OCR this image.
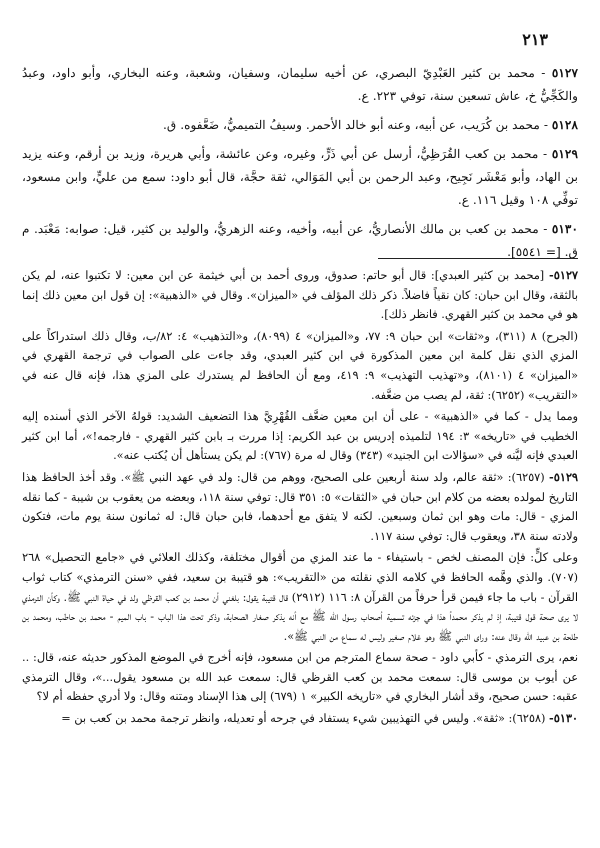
٢١٣

٥١٢٧ - محمد بن كثير العَبْدِيّ البصري، عن أخيه سليمان، وسفيان، وشعبة، وعنه البخاري، وأبو داود، وعبدُ والكَجِّيُّ خ، عاش تسعين سنة، توفي ٢٢٣. ع.

٥١٢٨ - محمد بن كُرَيب، عن أبيه، وعنه أبو خالد الأحمر. وسيفُ التميميُّ، ضَعَّفوه. ق.

٥١٢٩ - محمد بن كعب القُرَظِيُّ، أرسل عن أبي ذَرٍّ، وغيره، وعن عائشة، وأبي هريرة، وزيد بن أرقم، وعنه يزيد بن الهاد، وأبو مَعْشَر نَجِيح، وعبد الرحمن بن أبي المَوَالي، ثقة حجَّة، قال أبو داود: سمع من عليٍّ، وابن مسعود، توفِّي ١٠٨ وقيل ١١٦. ع.

٥١٣٠ - محمد بن كعب بن مالك الأنصاريُّ، عن أبيه، وأخيه، وعنه الزهريُّ، والوليد بن كثير، قيل: صوابه: مَعْبَد. م ق. [= ٥٥٤١].

٥١٢٧- [محمد بن كثير العبدي]: قال أبو حاتم: صدوق، وروى أحمد بن أبي خيثمة عن ابن معين: لا تكتبوا عنه، لم يكن بالثقة، وقال ابن حبان: كان نقياً فاضلاً. ذكر ذلك المؤلف في «الميزان». وقال في «الذهبية»: إن قول ابن معين ذلك إنما هو في محمد بن كثير القهري. فانظر ذلك].

(الجرح) ٨ (٣١١)، و«ثقات» ابن حبان ٩: ٧٧، و«الميزان» ٤ (٨٠٩٩)، و«التذهيب» ٤: ٨٢/ب، وقال ذلك استدراكاً على المزي الذي نقل كلمة ابن معين المذكورة في ابن كثير العبدي، وقد جاءت على الصواب في ترجمة القهري في «الميزان» ٤ (٨١٠١)، و«تهذيب التهذيب» ٩: ٤١٩، ومع أن الحافظ لم يستدرك على المزي هذا، فإنه قال عنه في «التقريب» (٦٢٥٢): ثقة، لم يصب من ضعَّفه.

ومما يدل - كما في «الذهبية» - على أن ابن معين ضعَّف القُهْرِيَّ هذا التضعيف الشديد: قولهُ الآخر الذي أسنده إليه الخطيب في «تاريخه» ٣: ١٩٤ لتلميذه إدريس بن عبد الكريم: إذا مررت بـ بابن كثير القهري - فارجمه!»، أما ابن كثير العبدي فإنه ليَّنه في «سؤالات ابن الجنيد» (٣٤٣) وقال له مرة (٧٦٧): لم يكن يستأهل أن يُكتب عنه».

٥١٢٩- (٦٢٥٧): «ثقة عالم، ولد سنة أربعين على الصحيح، ووهم من قال: ولد في عهد النبي ﷺ». وقد أخذ الحافظ هذا التاريخ لمولده بعضه من كلام ابن حبان في «الثقات» ٥: ٣٥١ قال: توفي سنة ١١٨، وبعضه من يعقوب بن شيبة - كما نقله المزي - قال: مات وهو ابن ثمان وسبعين. لكنه لا يتفق مع أحدهما، فابن حبان قال: له ثمانون سنة يوم مات، فتكون ولادته سنة ٣٨، ويعقوب قال: توفي سنة ١١٧.

وعلى كلٍّ: فإن المصنف لخص - باستيفاء - ما عند المزي من أقوال مختلفة، وكذلك العلائي في «جامع التحصيل» ٢٦٨ (٧٠٧). والذي وهَّمه الحافظ في كلامه الذي نقلته من «التقريب»: هو قتيبة بن سعيد، ففي «سنن الترمذي» كتاب ثواب القرآن - باب ما جاء فيمن قرأ حرفاً من القرآن ٨: ١١٦ (٢٩١٢) قال قتيبة يقول: بلغني أن محمد بن كعب القرظي ولد في حياة النبي ﷺ. وكأن الترمذي لا يرى صحة قول قتيبة، إذ لم يذكر محمداً هذا في جزئه تسمية أصحاب رسول الله ﷺ مع أنه يذكر صغار الصحابة، وذكر تحت هذا الباب - باب الميم - محمد بن حاطب، ومحمد بن طلحة بن عبيد الله وقال عنه: وراى النبي ﷺ وهو غلام صغير وليس له سماع من النبي ﷺ».

نعم، يرى الترمذي - كأبي داود - صحة سماع المترجم من ابن مسعود، فإنه أخرج في الموضع المذكور حديثه عنه، قال: .. عن أيوب بن موسى قال: سمعت محمد بن كعب القرظي قال: سمعت عبد الله بن مسعود يقول...»، وقال الترمذي عقبه: حسن صحيح، وقد أشار البخاري في «تاريخه الكبير» ١ (٦٧٩) إلى هذا الإسناد ومتنه وقال: ولا أدري حفظه أم لا؟

٥١٣٠- (٦٢٥٨): «ثقة». وليس في التهذيبين شيء يستفاد في جرحه أو تعديله، وانظر ترجمة محمد بن كعب بن =
